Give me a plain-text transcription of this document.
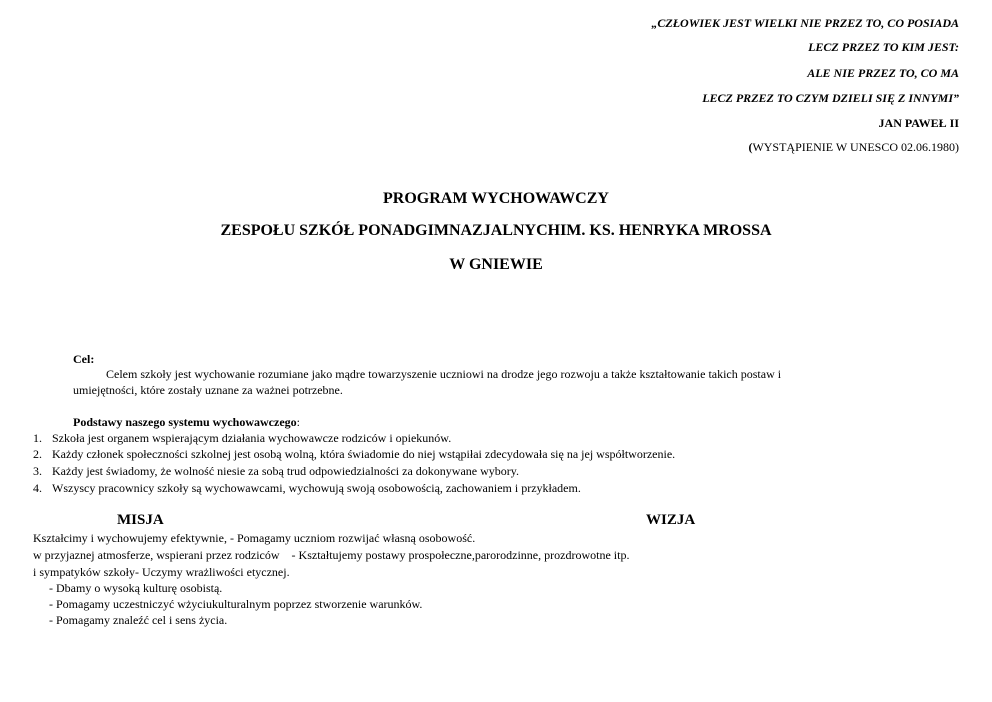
„CZŁOWIEK JEST WIELKI NIE PRZEZ TO, CO POSIADA
LECZ PRZEZ TO KIM JEST:
ALE NIE PRZEZ TO, CO MA
LECZ PRZEZ TO CZYM DZIELI SIĘ Z INNYMI”
JAN PAWEŁ II
(WYSTĄPIENIE W UNESCO 02.06.1980)
PROGRAM WYCHOWAWCZY
ZESPOŁU SZKÓŁ PONADGIMNAZJALNYCHIM. KS. HENRYKA MROSSA
W GNIEWIE
Cel:
Celem szkoły jest wychowanie rozumiane jako mądre towarzyszenie uczniowi na drodze jego rozwoju a także kształtowanie takich postaw i
umiejętności, które zostały uznane za ważnei potrzebne.
Podstawy naszego systemu wychowawczego:
1. Szkoła jest organem wspierającym działania wychowawcze rodziców i opiekunów.
2. Każdy członek społeczności szkolnej jest osobą wolną, która świadomie do niej wstąpiłai zdecydowała się na jej współtworzenie.
3. Każdy jest świadomy, że wolność niesie za sobą trud odpowiedzialności za dokonywane wybory.
4. Wszyscy pracownicy szkoły są wychowawcami, wychowują swoją osobowością, zachowaniem i przykładem.
MISJA	WIZJA
Kształcimy i wychowujemy efektywnie, - Pomagamy uczniom rozwijać własną osobowość.
w przyjaznej atmosferze, wspierani przez rodziców    - Kształtujemy postawy prospołeczne,parorodzinne, prozdrowotne itp.
i sympatyków szkoły- Uczymy wrażliwości etycznej.
- Dbamy o wysoką kulturę osobistą.
- Pomagamy uczestniczyć wżyciukulturalnym poprzez stworzenie warunków.
- Pomagamy znaleźć cel i sens życia.
